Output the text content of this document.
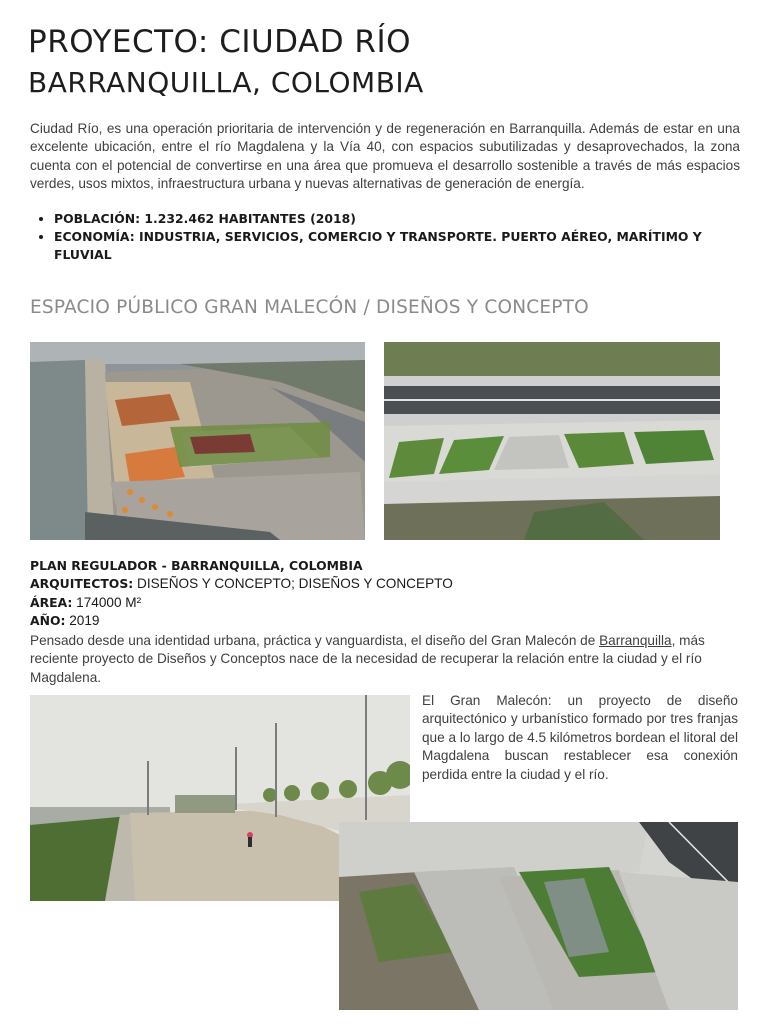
PROYECTO: CIUDAD RÍO
BARRANQUILLA, COLOMBIA

Ciudad Río, es una operación prioritaria de intervención y de regeneración en Barranquilla. Además de estar en una excelente ubicación, entre el río Magdalena y la Vía 40, con espacios subutilizadas y desaprovechados, la zona cuenta con el potencial de convertirse en una área que promueva el desarrollo sostenible a través de más espacios verdes, usos mixtos, infraestructura urbana y nuevas alternativas de generación de energía.

• POBLACIÓN: 1.232.462 HABITANTES (2018)
• ECONOMÍA: INDUSTRIA, SERVICIOS, COMERCIO Y TRANSPORTE. PUERTO AÉREO, MARÍTIMO Y FLUVIAL
ESPACIO PÚBLICO GRAN MALECÓN / DISEÑOS Y CONCEPTO
PLAN REGULADOR - BARRANQUILLA, COLOMBIA
ARQUITECTOS: DISEÑOS Y CONCEPTO; DISEÑOS Y CONCEPTO
ÁREA: 174000 M²
AÑO: 2019

Pensado desde una identidad urbana, práctica y vanguardista, el diseño del Gran Malecón de Barranquilla, más reciente proyecto de Diseños y Conceptos nace de la necesidad de recuperar la relación entre la ciudad y el río Magdalena.

El Gran Malecón: un proyecto de diseño arquitectónico y urbanístico formado por tres franjas que a lo largo de 4.5 kilómetros bordean el litoral del Magdalena buscan restablecer esa conexión perdida entre la ciudad y el río.
